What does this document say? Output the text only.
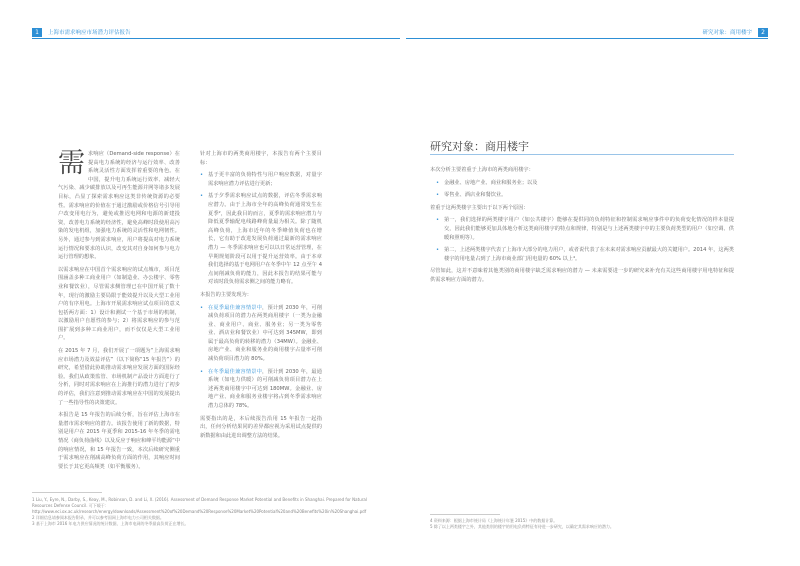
1	上海市需求响应市场潜力评估报告	研究对象：商用楼宇	2

需 求响应（Demand-side response）在提高电力系统的经济与运行效率、改善系统灵活性方面发挥着重要的角色。在中国，提升电力系统运行效率、减轻大气污染、减少碳排放以及可再生能源并网等诸多发展目标，凸显了探索需求响应这类非传统资源的必要性。需求响应的价值在于通过激励或价格信号引导用户改变用电行为，避免或推迟电网和电源的新建投资，改善电力系统的经济性，避免高峰时段使用高污染的发电机组，加强电力系统的灵活性和电网韧性。另外，通过参与到需求响应，用户将提高对电力系统运行情况和要求的认识，改变其对自身如何参与电力运行管理的想象。

以需求响应在中国首个需求响应的试点城市，项目范围涵盖多种工商业用户（如制造业、办公楼宇、零售业和餐饮业），尽管需求侧管理已在中国开展了数十年，现行的激励主要局限于能效提升以及大型工业用户的有序用电。上海市开展需求响应试点项目的意义包括两方面：1）设计和测试一个基于市场的机制，以激励用户自愿性的参与；2）将需求响应的参与范围扩展到多种工商业用户，而不仅仅是大型工业用户。

在 2015 年 7 月，我们开展了一项题为“上海需求响应市场潜力及效益评估”（以下简称“15 年报告”）的研究，希望借此协助推动需求响应发展方面的国际经验。我们从政策监管、市场机制产品设计方面进行了分析，同时对需求响应在上海推行的潜力进行了初步的评估，我们注意到推动需求响应在中国的发展提出了一些指导性的决策建议。

本报告是 15 年报告的后续分析，旨在评估上海市在量潜市需求响应的潜力。该报告使用了新的数据，特别是用户在 2015 年夏季和 2015-16 年冬季的需电情况（商负荷曲线）以及反应于响应和峰平均能源“中的响应情况，和 15 年报告一致，本次后续研究侧重于需求响应在削减高峰负荷方面的作用，其响应时间要长于其它更高频类（如平衡服务）。

针对上海市的两类商用楼宇，本报告有两个主要目标：

• 基于更丰富的负荷特性与用户响应数据，对量宇需求响应潜力评估进行更新；
• 基于夕季需求响应试点的数据，评估冬季需求响应潜力。由于上海市全年的高峰负荷通常发生在夏季²，因此我目的而言，夏季的需求响应潜力与降低夏季输配电线路峰荷量最为相关。除了随机高峰负荷，上海市近年的冬季峰值负荷也在增长，它有助于改进发展负荷通过最新的需求响应潜力 — 冬季需求响应也可以以日常运营管理，在早期规划阶段可以用于提升运营效率。由于本章我们选择的基于电网用户在冬季中午 12 点至午 4 点间削减负荷的能力，因此本报告的结果可能与对该时段负荷需求侧之间的能力略有。

本报告的主要发现为：

• 在夏季最佳兼容情景中，预计到 2030 年，可削减负荷项目的潜力在两类商用楼宇（一类为金融业、商业用户、商业、服务业；另一类为零售业、酒店业和餐饮业）中可达到 345MW，即到属于最高负荷的转移的潜力（34MW）。金融业、房地产业、商业和服务业的商用楼宇占量率可削减负荷项目潜力的 80%。
• 在冬季最佳兼容情景中，预计到 2030 年，最通系统（如电力供暖）的可削减负荷项目潜力在上述两类商用楼宇中可达到 180MW。金融业、房地产业、商业和服务业楼宇将占到冬季需求响应潜力总体的 78%。

需要指出的是，本后续报告沿用 15 年报告一起指出，任何分析结果同的差异都应视为采用试点提供的新数据和由此进出调整方法的结果。

研究对象：商用楼宇

本次分析主要着重于上海市的两类商用楼宇：

• 金融业、房地产业、商业和服务业；以及
• 零售业、酒店业和餐饮业。

着重于这两类楼宇主要出于以下两个原因：

• 第一，我们选择的两类楼宇用户（如公共楼宇）能够在提供同的负荷特征和控制需求响应事件中的负荷变化情况的样本量提交，因此我们能够更加具体地分析这类商用楼宇的特点和规律，特别是与上述两类楼宇中的主要负荷类型的用户（如空调、供暖和照明等）。
• 第二，上述两类楼宇代表了上海市大部分的电力用户，或者说代表了在未来对需求响应贡献最大的关键用户。2014 年，这两类楼宇的用电量占到了上海市商业部门用电量的 60% 以上⁴。

尽管如此，这并不意味着其他类别的商用楼宇缺乏需求响应的潜力 — 未来需要进一步的研究来补充有关这些商用楼宇用电特征和提供需求响应方面的潜力。

1 Liu, Y., Eyre, N., Darby, S., Keay, M., Robinson, D. and Li, X. (2016). Assessment of Demand Response Market Potential and Benefits in Shanghai. Prepared for Natural Resources Defense Council. 可下载于：http://www.eci.ox.ac.uk/research/energy/downloads/Assessment%20of%20Demand%20Response%20Market%20Potential%20and%20Benefits%20in%20Shanghai.pdf

2 详细信息请参阅本报告附录，并可以参考国网上海市电力公司相关数据。

3 基于上海市 2016 年电力供应情况的统计数据，上海市电网的冬季最高负荷正在增长。

4 资料来源：根据上海市统计局《上海统计年鉴 2015》中的数据计算。

5 除了以上两类楼宇之外，其他类别的楼宇的用电负荷特征有待进一步研究，以确定其需求响应的潜力。
